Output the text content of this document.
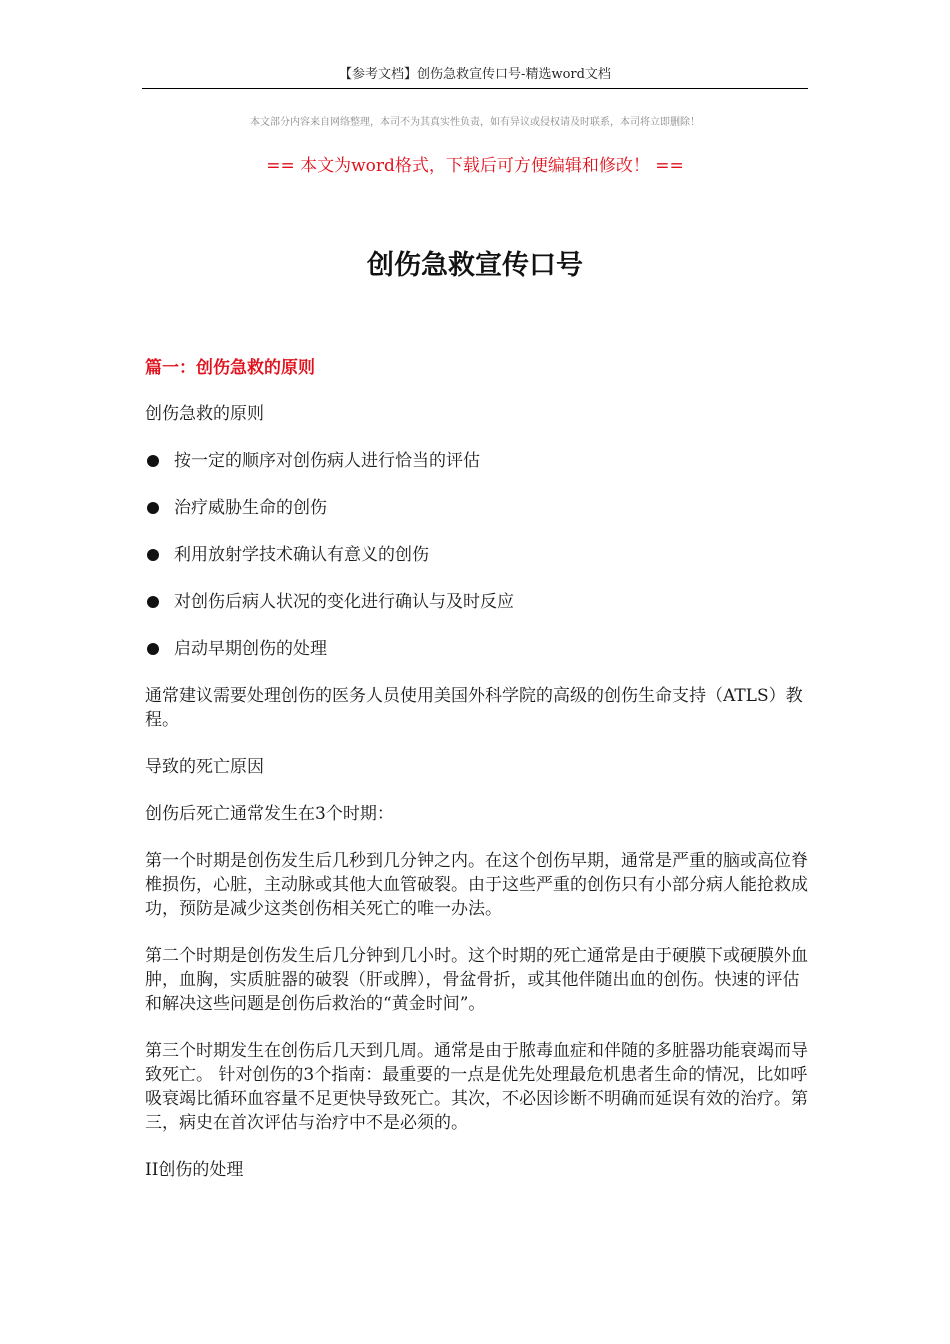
【参考文档】创伤急救宣传口号-精选word文档
本文部分内容来自网络整理，本司不为其真实性负责，如有异议或侵权请及时联系，本司将立即删除！
== 本文为word格式，下载后可方便编辑和修改！ ==
创伤急救宣传口号
篇一：创伤急救的原则

创伤急救的原则

按一定的顺序对创伤病人进行恰当的评估
治疗威胁生命的创伤
利用放射学技术确认有意义的创伤
对创伤后病人状况的变化进行确认与及时反应
启动早期创伤的处理

通常建议需要处理创伤的医务人员使用美国外科学院的高级的创伤生命支持（ATLS）教程。

导致的死亡原因

创伤后死亡通常发生在3个时期：

第一个时期是创伤发生后几秒到几分钟之内。在这个创伤早期，通常是严重的脑或高位脊椎损伤，心脏，主动脉或其他大血管破裂。由于这些严重的创伤只有小部分病人能抢救成功，预防是减少这类创伤相关死亡的唯一办法。

第二个时期是创伤发生后几分钟到几小时。这个时期的死亡通常是由于硬膜下或硬膜外血肿，血胸，实质脏器的破裂（肝或脾），骨盆骨折，或其他伴随出血的创伤。快速的评估和解决这些问题是创伤后救治的“黄金时间”。

第三个时期发生在创伤后几天到几周。通常是由于脓毒血症和伴随的多脏器功能衰竭而导致死亡。 针对创伤的3个指南：最重要的一点是优先处理最危机患者生命的情况，比如呼吸衰竭比循环血容量不足更快导致死亡。其次，不必因诊断不明确而延误有效的治疗。第三，病史在首次评估与治疗中不是必须的。

II创伤的处理
